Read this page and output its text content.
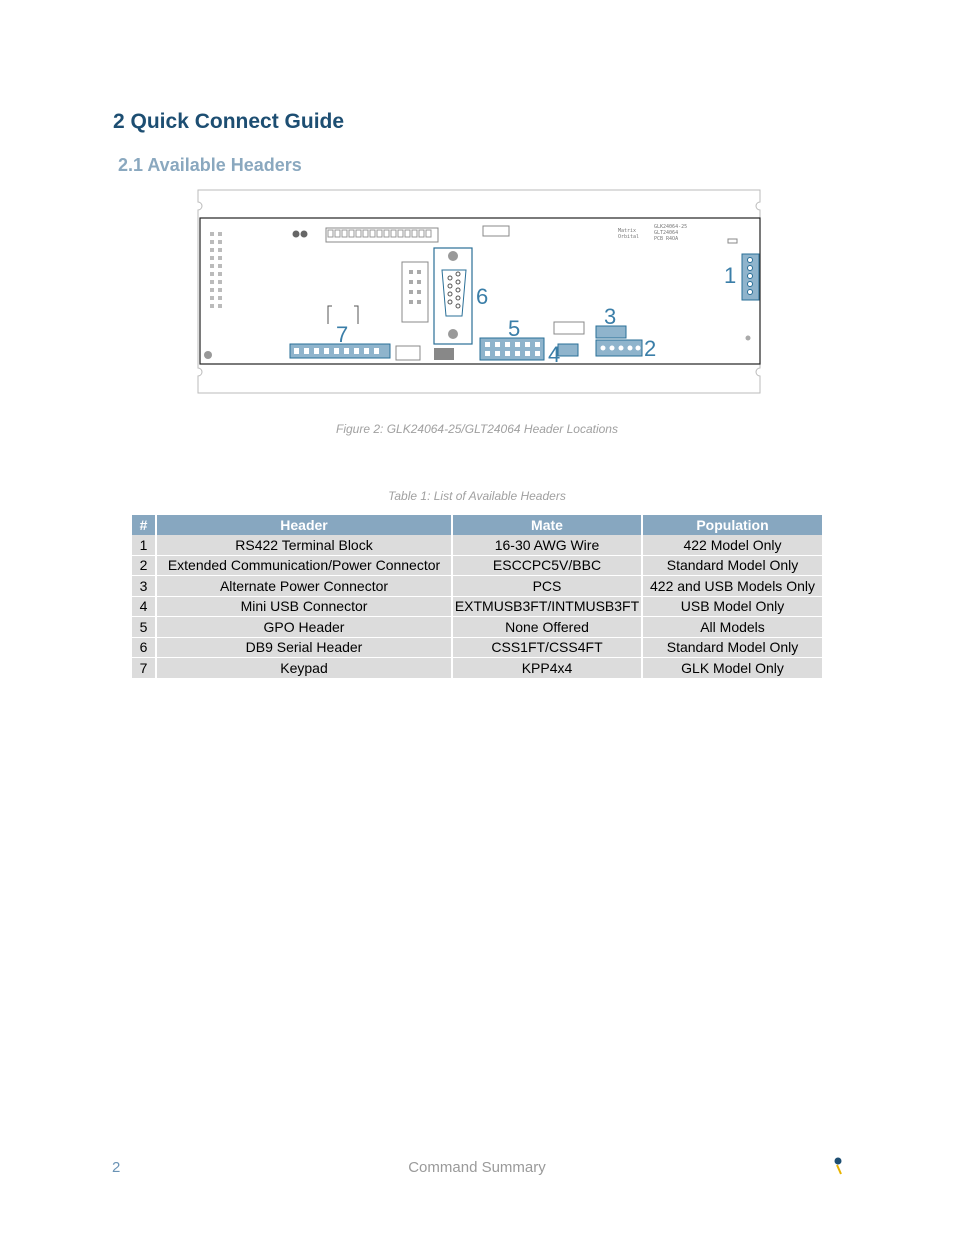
2 Quick Connect Guide
2.1 Available Headers
Matrix
Orbital
GLK24064-25
GLT24064
PCB R4OA
1
2
3
4
5
6
7
Figure 2: GLK24064-25/GLT24064 Header Locations
Table 1: List of Available Headers
#	Header	Mate	Population
1	RS422 Terminal Block	16-30 AWG Wire	422 Model Only
2	Extended Communication/Power Connector	ESCCPC5V/BBC	Standard Model Only
3	Alternate Power Connector	PCS	422 and USB Models Only
4	Mini USB Connector	EXTMUSB3FT/INTMUSB3FT	USB Model Only
5	GPO Header	None Offered	All Models
6	DB9 Serial Header	CSS1FT/CSS4FT	Standard Model Only
7	Keypad	KPP4x4	GLK Model Only
2	Command Summary
